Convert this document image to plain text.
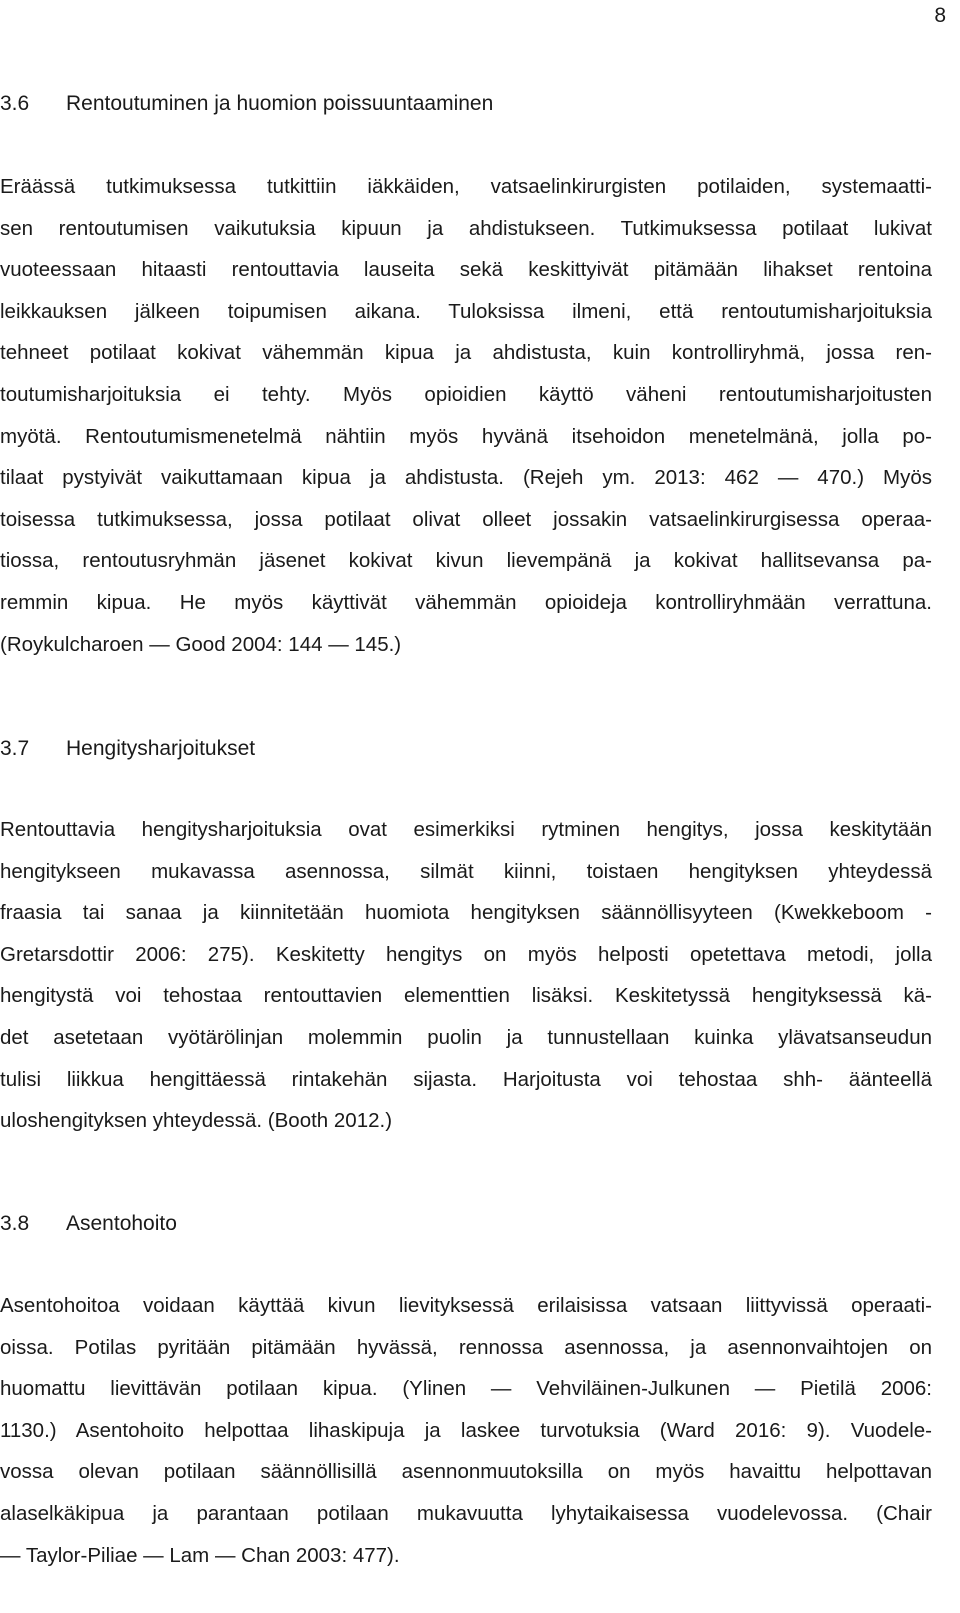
8
3.6 Rentoutuminen ja huomion poissuuntaaminen
Eräässä tutkimuksessa tutkittiin iäkkäiden, vatsaelinkirurgisten potilaiden, systemaatti-
sen rentoutumisen vaikutuksia kipuun ja ahdistukseen. Tutkimuksessa potilaat lukivat
vuoteessaan hitaasti rentouttavia lauseita sekä keskittyivät pitämään lihakset rentoina
leikkauksen jälkeen toipumisen aikana. Tuloksissa ilmeni, että rentoutumisharjoituksia
tehneet potilaat kokivat vähemmän kipua ja ahdistusta, kuin kontrolliryhmä, jossa ren-
toutumisharjoituksia ei tehty. Myös opioidien käyttö väheni rentoutumisharjoitusten
myötä. Rentoutumismenetelmä nähtiin myös hyvänä itsehoidon menetelmänä, jolla po-
tilaat pystyivät vaikuttamaan kipua ja ahdistusta. (Rejeh ym. 2013: 462 — 470.) Myös
toisessa tutkimuksessa, jossa potilaat olivat olleet jossakin vatsaelinkirurgisessa operaa-
tiossa, rentoutusryhmän jäsenet kokivat kivun lievempänä ja kokivat hallitsevansa pa-
remmin kipua. He myös käyttivät vähemmän opioideja kontrolliryhmään verrattuna.
(Roykulcharoen — Good 2004: 144 — 145.)
3.7 Hengitysharjoitukset
Rentouttavia hengitysharjoituksia ovat esimerkiksi rytminen hengitys, jossa keskitytään
hengitykseen mukavassa asennossa, silmät kiinni, toistaen hengityksen yhteydessä
fraasia tai sanaa ja kiinnitetään huomiota hengityksen säännöllisyyteen (Kwekkeboom -
Gretarsdottir 2006: 275). Keskitetty hengitys on myös helposti opetettava metodi, jolla
hengitystä voi tehostaa rentouttavien elementtien lisäksi. Keskitetyssä hengityksessä kä-
det asetetaan vyötärölinjan molemmin puolin ja tunnustellaan kuinka ylävatsanseudun
tulisi liikkua hengittäessä rintakehän sijasta. Harjoitusta voi tehostaa shh- äänteellä
uloshengityksen yhteydessä. (Booth 2012.)
3.8 Asentohoito
Asentohoitoa voidaan käyttää kivun lievityksessä erilaisissa vatsaan liittyvissä operaati-
oissa. Potilas pyritään pitämään hyvässä, rennossa asennossa, ja asennonvaihtojen on
huomattu lievittävän potilaan kipua. (Ylinen — Vehviläinen-Julkunen — Pietilä 2006:
1130.) Asentohoito helpottaa lihaskipuja ja laskee turvotuksia (Ward 2016: 9). Vuodele-
vossa olevan potilaan säännöllisillä asennonmuutoksilla on myös havaittu helpottavan
alaselkäkipua ja parantaan potilaan mukavuutta lyhytaikaisessa vuodelevossa. (Chair
— Taylor-Piliae — Lam — Chan 2003: 477).
